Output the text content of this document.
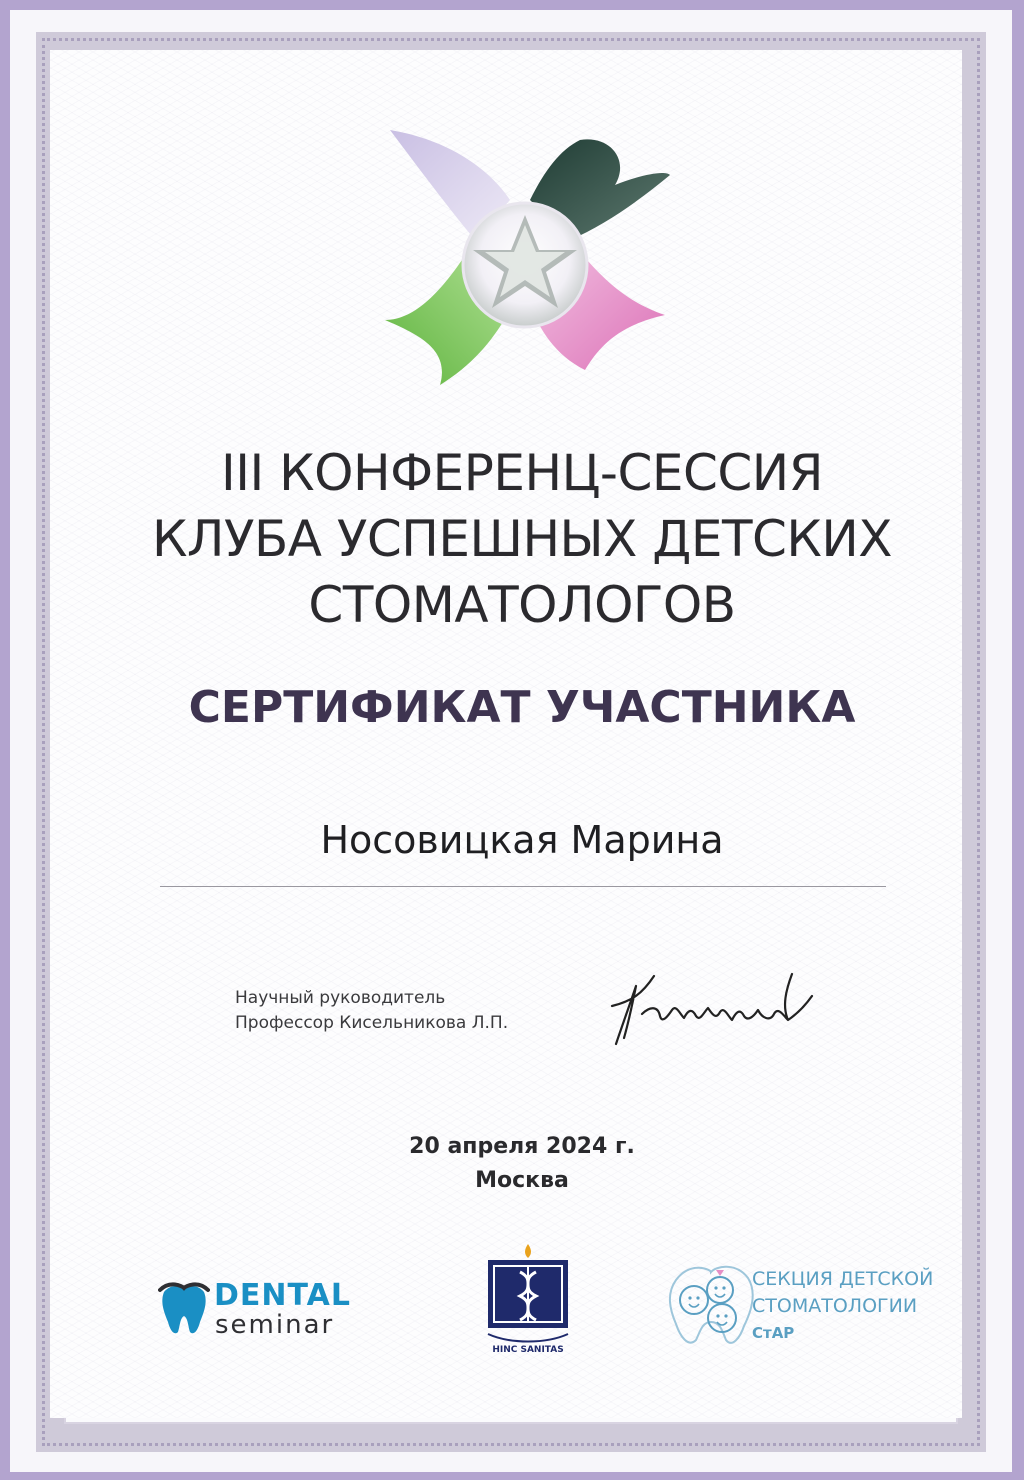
III КОНФЕРЕНЦ-СЕССИЯ
КЛУБА УСПЕШНЫХ ДЕТСКИХ
СТОМАТОЛОГОВ
СЕРТИФИКАТ УЧАСТНИКА
Носовицкая Марина
Научный руководитель
Профессор Кисельникова Л.П.
20 апреля 2024 г.
Москва
DENTAL
seminar
HINC SANITAS
СЕКЦИЯ ДЕТСКОЙ
СТОМАТОЛОГИИ
СтАР
